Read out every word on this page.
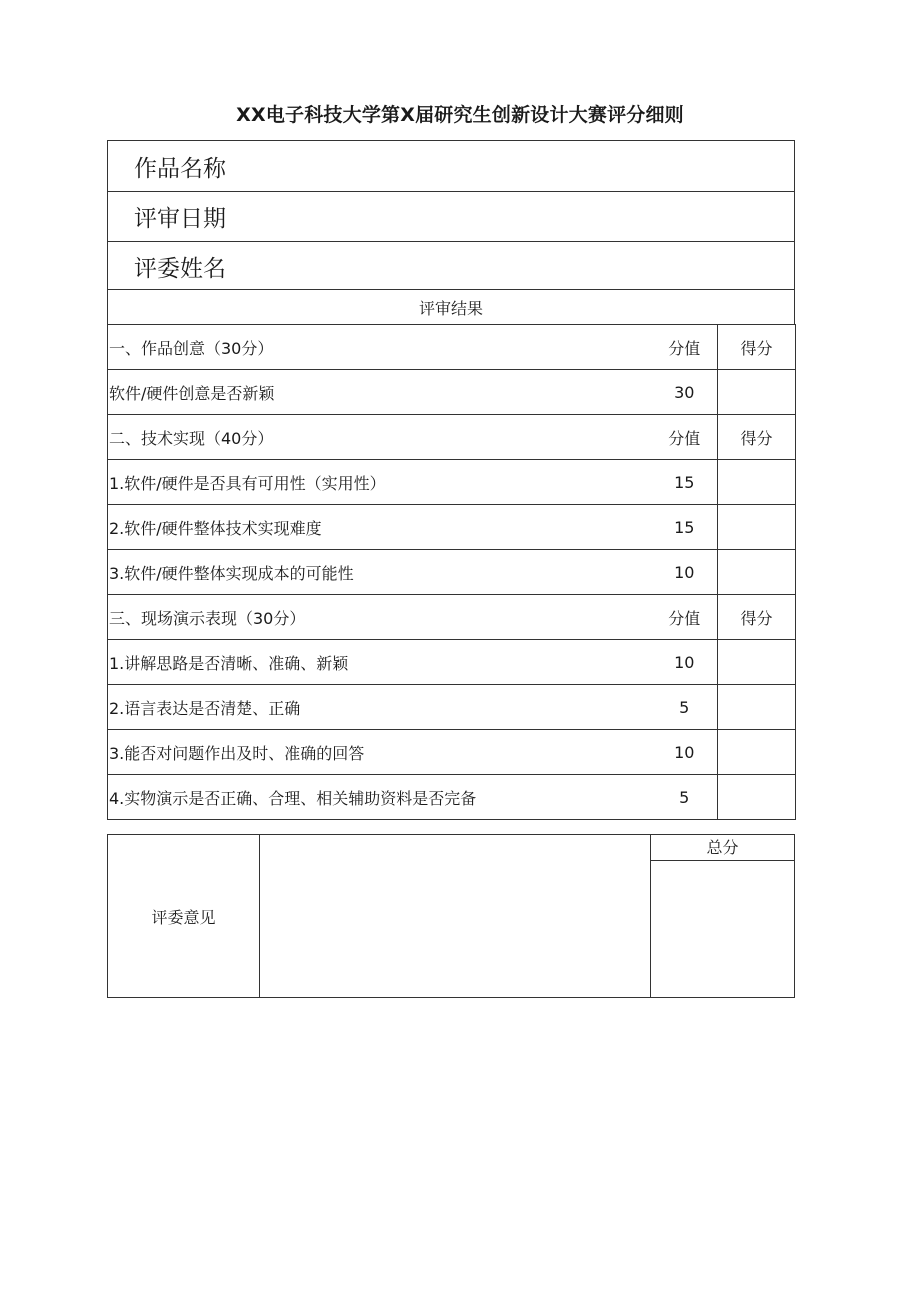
XX电子科技大学第X届研究生创新设计大赛评分细则
作品名称
评审日期
评委姓名
评审结果
一、作品创意（30分）	分值	得分
软件/硬件创意是否新颖	30	
二、技术实现（40分）	分值	得分
1.软件/硬件是否具有可用性（实用性）	15	
2.软件/硬件整体技术实现难度	15	
3.软件/硬件整体实现成本的可能性	10	
三、现场演示表现（30分）	分值	得分
1.讲解思路是否清晰、准确、新颖	10	
2.语言表达是否清楚、正确	5	
3.能否对问题作出及时、准确的回答	10	
4.实物演示是否正确、合理、相关辅助资料是否完备	5	
评委意见
总分
